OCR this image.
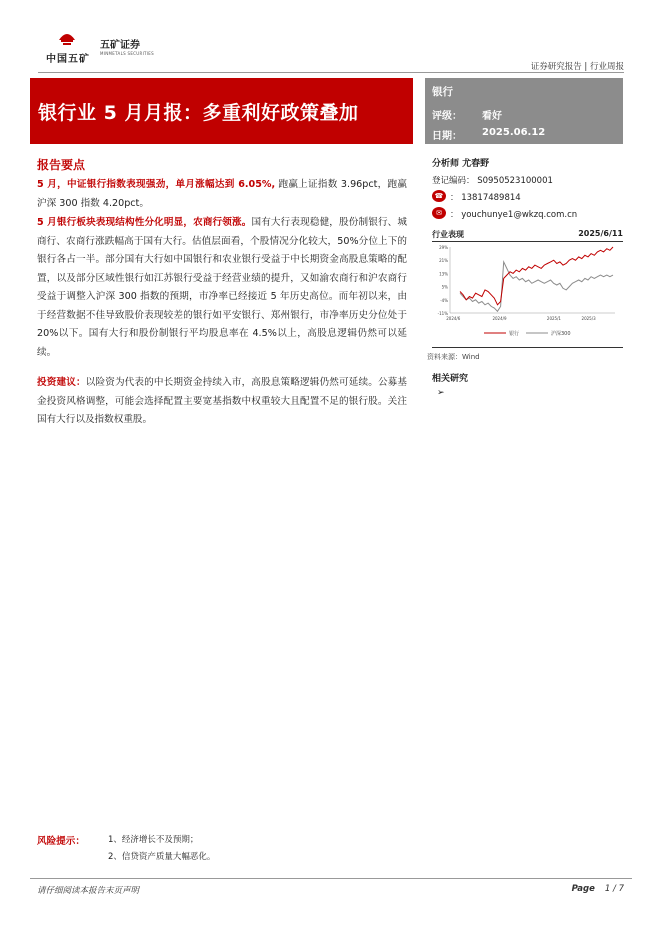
中国五矿
五矿证券
MINMETALS SECURITIES
证券研究报告 | 行业周报
银行业 5 月月报：多重利好政策叠加
银行
评级： 看好
日期： 2025.06.12
报告要点

5 月，中证银行指数表现强劲，单月涨幅达到 6.05%, 跑赢上证指数 3.96pct，跑赢沪深 300 指数 4.20pct。

5 月银行板块表现结构性分化明显，农商行领涨。国有大行表现稳健，股份制银行、城商行、农商行涨跌幅高于国有大行。估值层面看，个股情况分化较大，50%分位上下的银行各占一半。部分国有大行如中国银行和农业银行受益于中长期资金高股息策略的配置，以及部分区域性银行如江苏银行受益于经营业绩的提升，又如渝农商行和沪农商行受益于调整入沪深 300 指数的预期，市净率已经接近 5 年历史高位。而年初以来，由于经营数据不佳导致股价表现较差的银行如平安银行、郑州银行，市净率历史分位处于 20%以下。国有大行和股份制银行平均股息率在 4.5%以上，高股息逻辑仍然可以延续。

投资建议：以险资为代表的中长期资金持续入市，高股息策略逻辑仍然可延续。公募基金投资风格调整，可能会选择配置主要宽基指数中权重较大且配置不足的银行股。关注国有大行以及指数权重股。

分析师 尤春野
登记编码： S0950523100001
☎ ： 13817489814
✉ ： youchunye1@wkzq.com.cn
行业表现	2025/6/11
29%
21%
13%
5%
-4%
-11%
2024/6	2024/9	2025/1	2025/3
银行	沪深300
资料来源：Wind
相关研究
➢
风险提示：	1、经济增长不及预期；
2、信贷资产质量大幅恶化。
请仔细阅读本报告末页声明	Page 1 / 7
